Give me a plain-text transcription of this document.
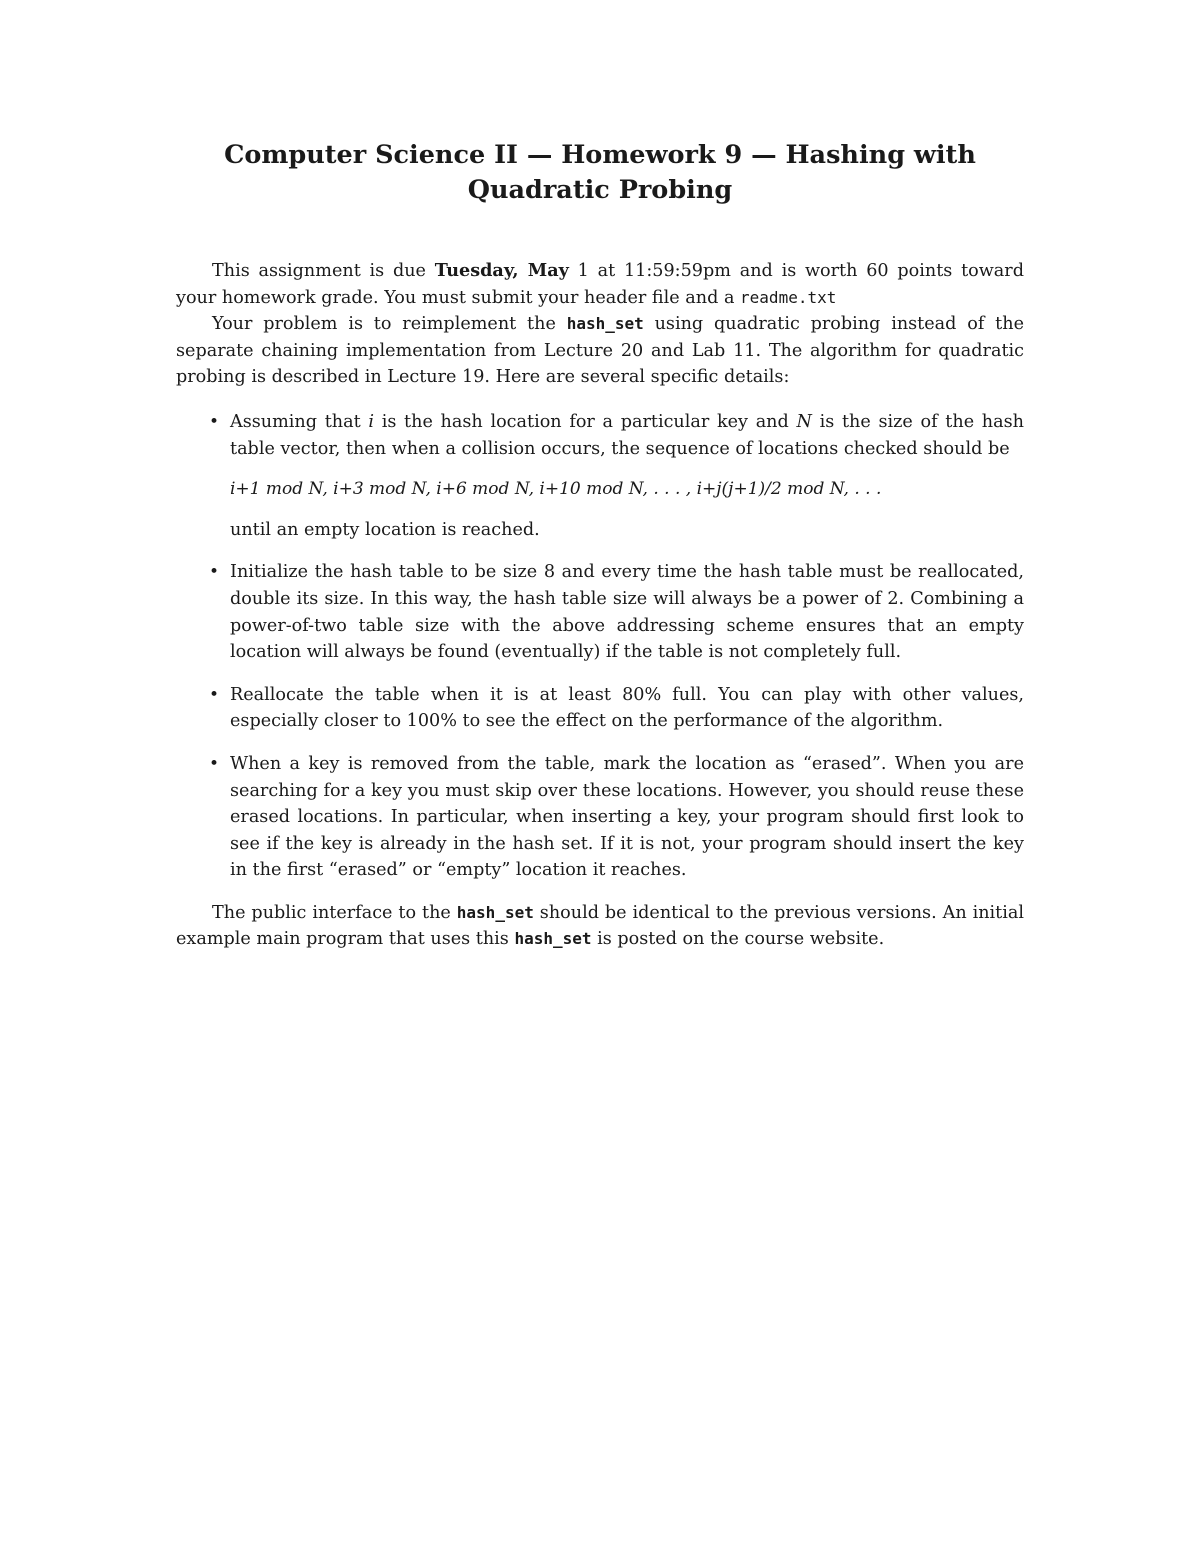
Computer Science II — Homework 9 — Hashing with
Quadratic Probing

This assignment is due Tuesday, May 1 at 11:59:59pm and is worth 60 points toward your homework grade. You must submit your header file and a readme.txt

Your problem is to reimplement the hash_set using quadratic probing instead of the separate chaining implementation from Lecture 20 and Lab 11. The algorithm for quadratic probing is described in Lecture 19. Here are several specific details:

• Assuming that i is the hash location for a particular key and N is the size of the hash table vector, then when a collision occurs, the sequence of locations checked should be
i+1 mod N, i+3 mod N, i+6 mod N, i+10 mod N, . . . , i+j(j+1)/2 mod N, . . .
until an empty location is reached.
• Initialize the hash table to be size 8 and every time the hash table must be reallocated, double its size. In this way, the hash table size will always be a power of 2. Combining a power-of-two table size with the above addressing scheme ensures that an empty location will always be found (eventually) if the table is not completely full.
• Reallocate the table when it is at least 80% full. You can play with other values, especially closer to 100% to see the effect on the performance of the algorithm.
• When a key is removed from the table, mark the location as “erased”. When you are searching for a key you must skip over these locations. However, you should reuse these erased locations. In particular, when inserting a key, your program should first look to see if the key is already in the hash set. If it is not, your program should insert the key in the first “erased” or “empty” location it reaches.

The public interface to the hash_set should be identical to the previous versions. An initial example main program that uses this hash_set is posted on the course website.
